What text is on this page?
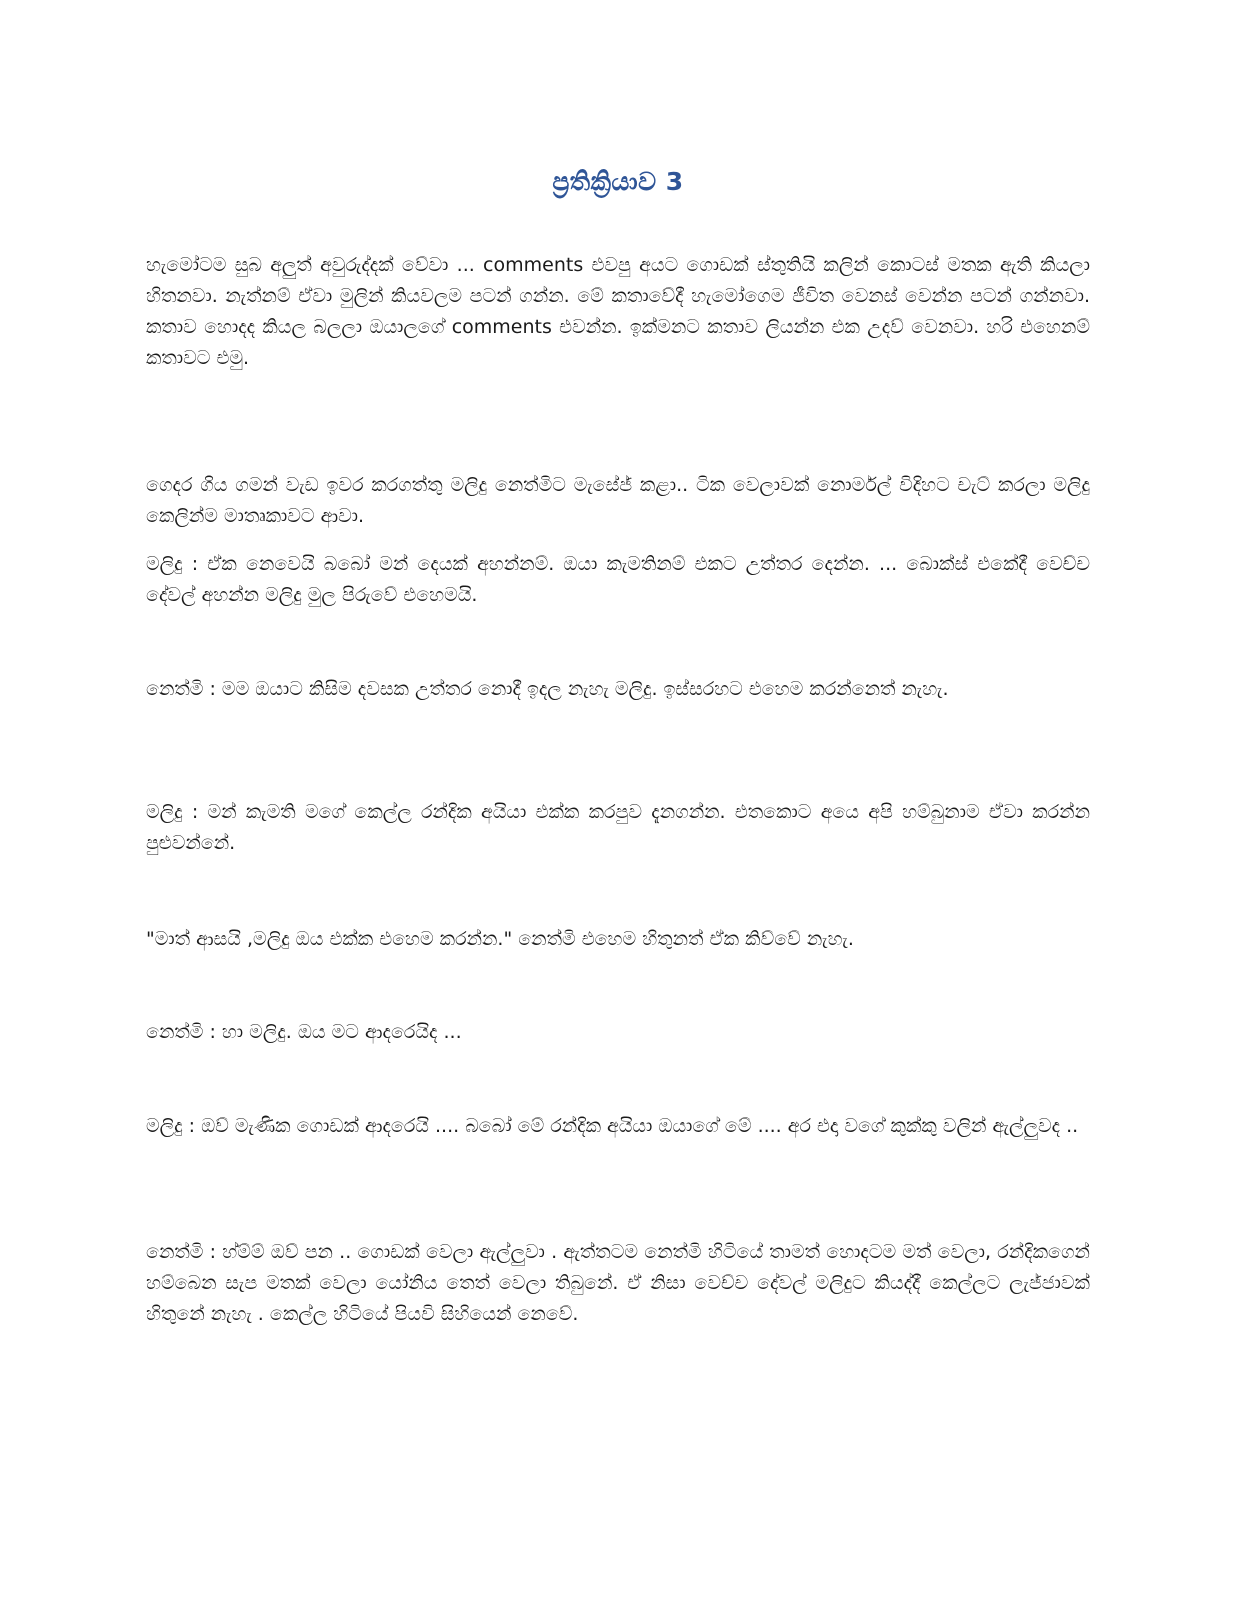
ප්‍රතික්‍රියාව 3

හැමෝටම සුබ අලුත් අවුරුද්දක් වේවා ... comments එවපු අයට ගොඩක් ස්තුතියි කලින් කොටස් මතක ඇති කියලා හිතනවා. නැත්නම් ඒවා මුලින් කියවලම පටන් ගන්න. මේ කතාවේදී හැමෝගෙම ජීවිත වෙනස් වෙන්න පටන් ගන්නවා. කතාව හොදද කියල බලලා ඔයාලගේ comments එවන්න. ඉක්මනට කතාව ලියන්න එක උදව් වෙනවා. හරි එහෙනම් කතාවට එමු.

ගෙදර ගිය ගමන් වැඩ ඉවර කරගත්තු මලිදු නෙත්මිට මැසේජ් කළා.. ටික වෙලාවක් නොර්මල් විදිහට චැට් කරලා මලිදු කෙලින්ම මාතෘකාවට ආවා.

මලිදු : ඒක නෙවෙයි බබෝ මන් දෙයක් අහන්නම්. ඔයා කැමතිනම් එකට උත්තර දෙන්න. ... බොක්ස් එකේදී වෙච්ච දේවල් අහන්න මලිදු මුල පිරුවේ එහෙමයි.

නෙත්මි : මම ඔයාට කිසිම දවසක උත්තර නොදී ඉදල නැහැ මලිදු. ඉස්සරහට එහෙම කරන්නෙත් නැහැ.

මලිදු : මන් කැමති මගේ කෙල්ල රන්දික අයියා එක්ක කරපුව දැනගන්න. එතකොට අයෙ අපි හම්බුනාම ඒවා කරන්න පුළුවන්නේ.

"මාත් ආසයි ,මලිදු ඔය එක්ක එහෙම කරන්න." නෙත්මි එහෙම හිතුනත් ඒක කිව්වේ නැහැ.

නෙත්මි : හා මලිදු. ඔය මට ආදරෙයිද ...

මලිදු : ඔව් මැණික ගොඩක් ආදරෙයි .... බබෝ මේ රන්දික අයියා ඔයාගේ මේ .... අර එදා වගේ කුක්කු වලින් ඇල්ලුවද ..

නෙත්මි : හ්ම්ම් ඔව් පන .. ගොඩක් වෙලා ඇල්ලුවා . ඇත්තටම නෙත්මි හිටියේ තාමත් හොදටම මත් වෙලා, රන්දිකගෙන් හම්බෙන සැප මතක් වෙලා යෝනිය තෙත් වෙලා තිබුනේ. ඒ නිසා වෙච්ච දේවල් මලිදුට කියද්දී කෙල්ලට ලැජ්ජාවක් හිතුනේ නැහැ . කෙල්ල හිටියේ පියවි සිහියෙන් නෙවේ.
